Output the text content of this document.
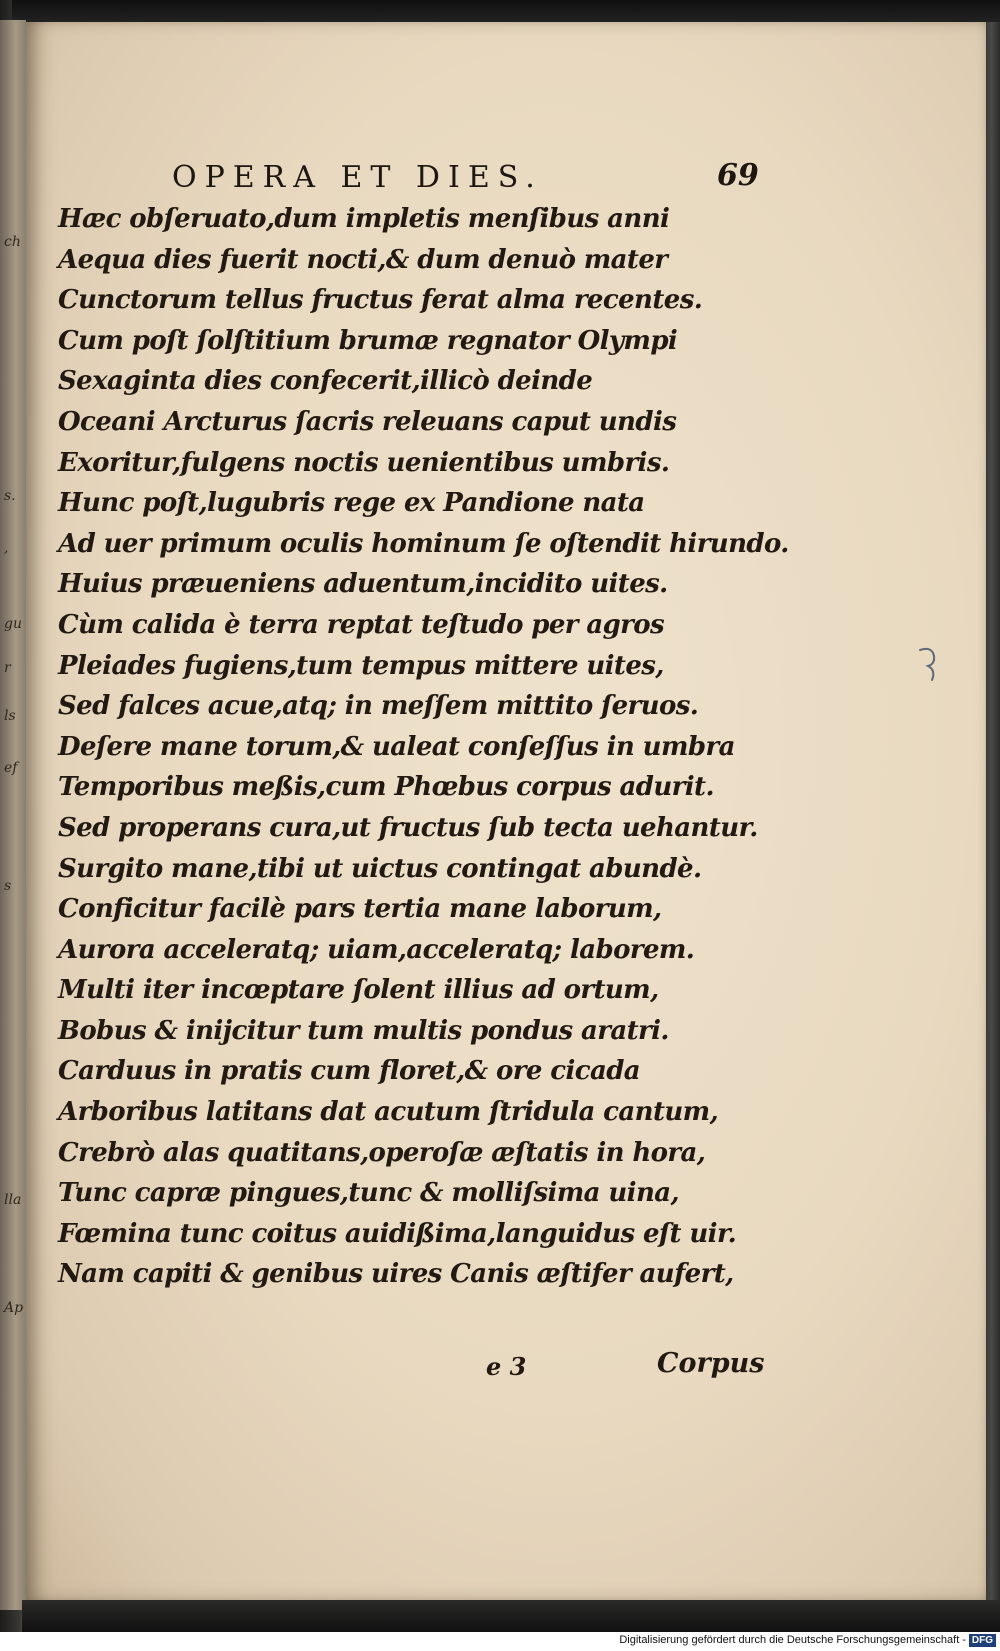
ch
s.
,
gu
r
ls
ef
s
lla
Ap
OPERA ET DIES.	69
Hæc obſeruato,dum impletis menſibus anni
Aequa dies fuerit nocti,& dum denuò mater
Cunctorum tellus fructus ferat alma recentes.
Cum poſt ſolſtitium brumæ regnator Olympi
Sexaginta dies confecerit,illicò deinde
Oceani Arcturus ſacris releuans caput undis
Exoritur,fulgens noctis uenientibus umbris.
Hunc poſt,lugubris rege ex Pandione nata
Ad uer primum oculis hominum ſe oſtendit hirundo.
Huius præueniens aduentum,incidito uites.
Cùm calida è terra reptat teſtudo per agros
Pleiades fugiens,tum tempus mittere uites,
Sed falces acue,atq; in meſſem mittito ſeruos.
Deſere mane torum,& ualeat conſeſſus in umbra
Temporibus meßis,cum Phœbus corpus adurit.
Sed properans cura,ut fructus ſub tecta uehantur.
Surgito mane,tibi ut uictus contingat abundè.
Conficitur facilè pars tertia mane laborum,
Aurora acceleratq; uiam,acceleratq; laborem.
Multi iter incœptare ſolent illius ad ortum,
Bobus & inijcitur tum multis pondus aratri.
Carduus in pratis cum floret,& ore cicada
Arboribus latitans dat acutum ſtridula cantum,
Crebrò alas quatitans,operoſæ æſtatis in hora,
Tunc capræ pingues,tunc & molliſsima uina,
Fœmina tunc coitus auidißima,languidus eſt uir.
Nam capiti & genibus uires Canis æſtifer aufert,
e 3	Corpus
Digitalisierung gefördert durch die Deutsche Forschungsgemeinschaft - DFG
